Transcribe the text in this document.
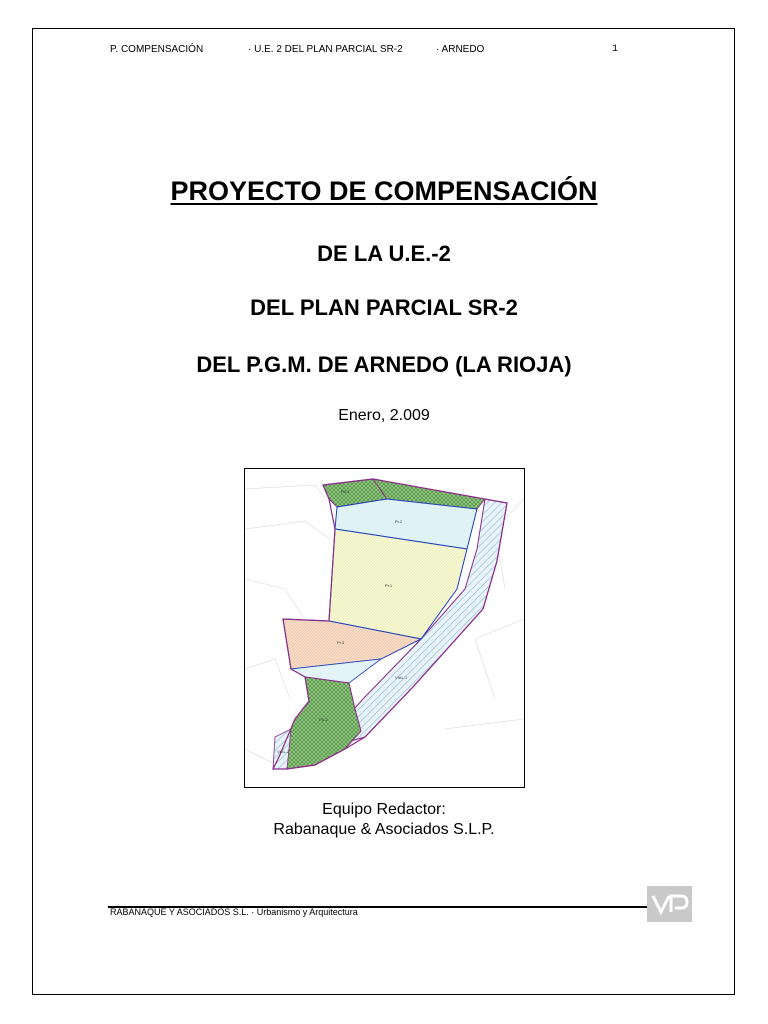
P. COMPENSACIÓN	· U.E. 2 DEL PLAN PARCIAL SR-2	· ARNEDO	1
PROYECTO DE COMPENSACIÓN
DE LA U.E.-2
DEL PLAN PARCIAL SR-2
DEL P.G.M. DE ARNEDO (LA RIOJA)
Enero, 2.009
Pr.2
Pr.1
Pr.3
PV-1
PV-2
VIAL-1
VIAL-2
Equipo Redactor:
Rabanaque & Asociados S.L.P.
RABANAQUE Y ASOCIADOS S.L. · Urbanismo y Arquitectura
